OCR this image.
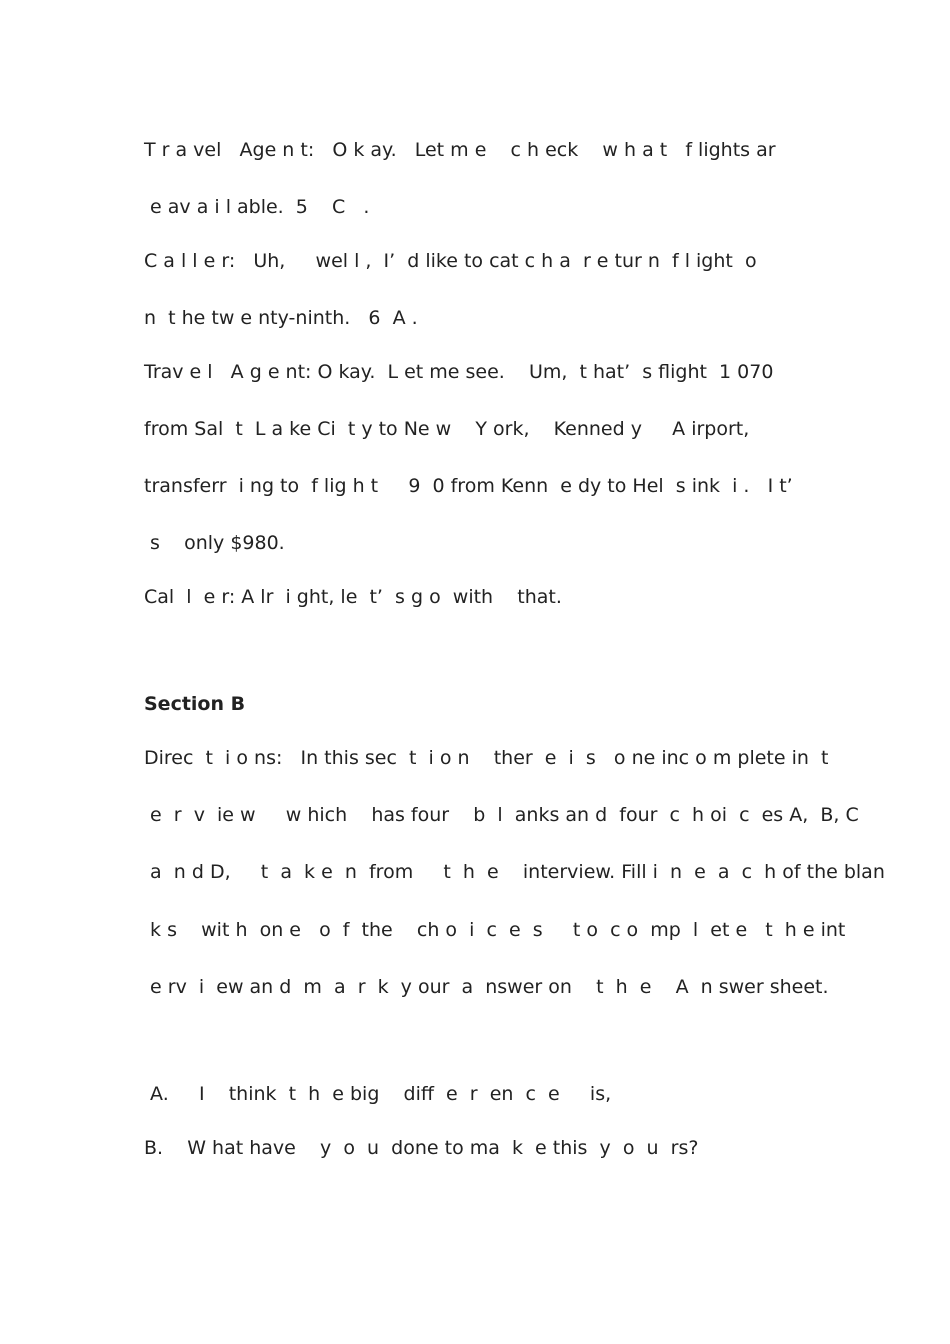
T r a vel   Age n t:   O k ay.   Let m e    c h eck    w h a t   f lights ar
e av a i l able.  5    C   .
C a l l e r:   Uh,     wel l ,  I’  d like to cat c h a  r e tur n  f l ight  o
n  t he tw e nty-ninth.   6  A .
Trav e l   A g e nt: O kay.  L et me see.    Um,  t hat’  s flight  1 070
from Sal  t  L a ke Ci  t y to Ne w    Y ork,    Kenned y     A irport,
transferr  i ng to  f lig h t     9  0 from Kenn  e dy to Hel  s ink  i .   I t’
s    only $980.
Cal  l  e r: A lr  i ght, le  t’  s g o  with    that.
Section B
Direc  t  i o ns:   In this sec  t  i o n    ther  e  i  s   o ne inc o m plete in  t
e  r  v  ie w     w hich    has four    b  l  anks an d  four  c  h oi  c  es A,  B, C
a  n d D,     t  a  k e  n  from     t  h  e    interview. Fill i  n  e  a  c  h of the blan
k s    wit h  on e   o  f  the    ch o  i  c  e  s     t o  c o  mp  l  et e   t  h e int
e rv  i  ew an d  m  a  r  k  y our  a  nswer on    t  h  e    A  n swer sheet.
A.     I    think  t  h  e big    diff  e  r  en  c  e     is,
B.    W hat have    y  o  u  done to ma  k  e this  y  o  u  rs?
